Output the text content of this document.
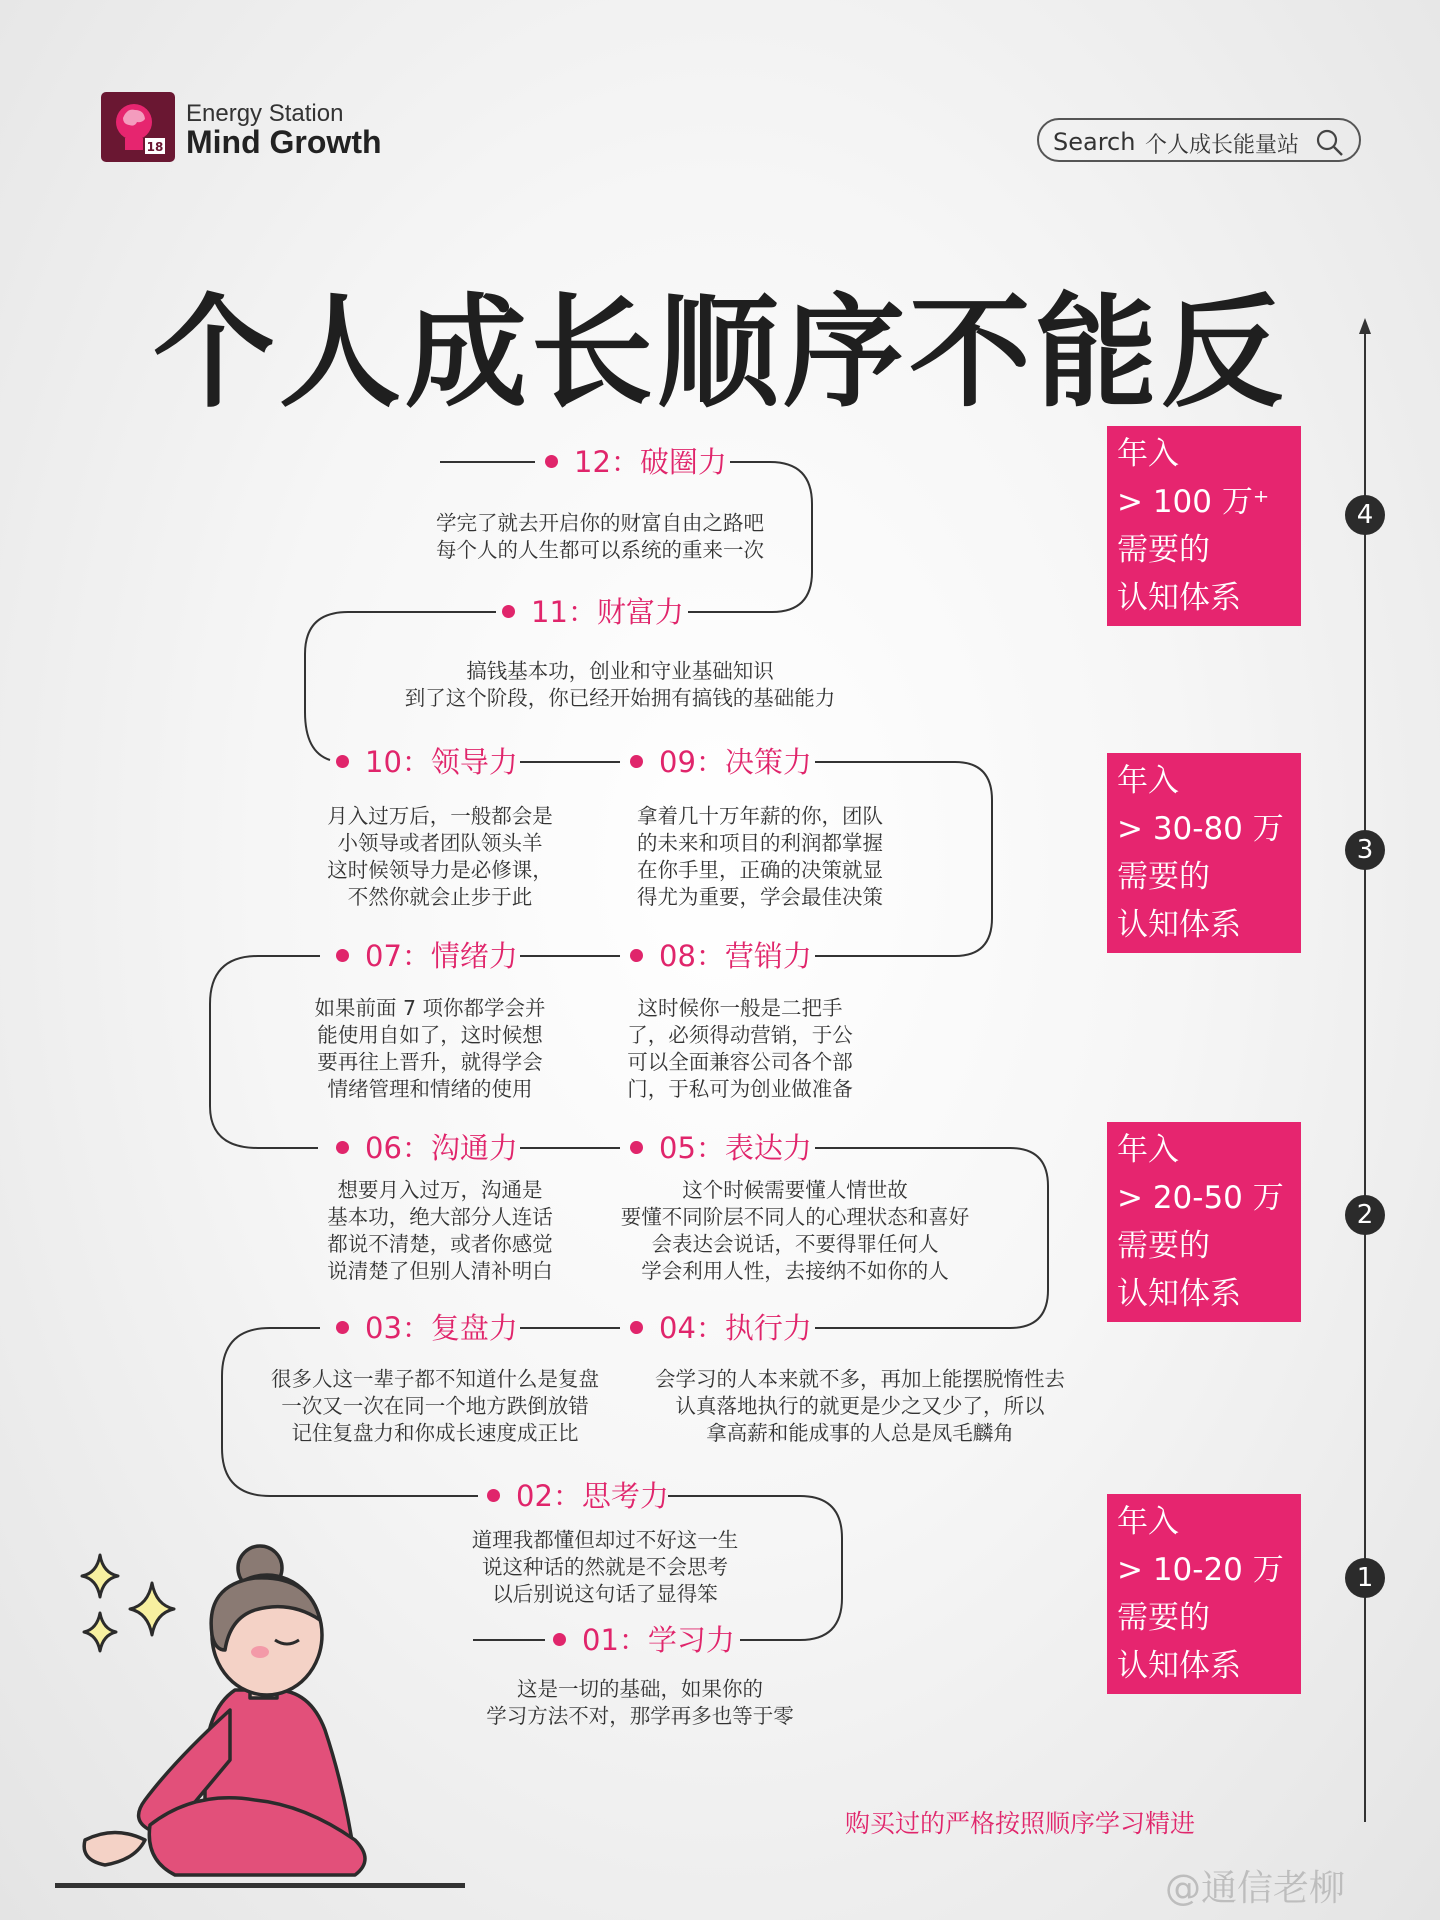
18
Energy Station
Mind Growth	Search 个人成长能量站
个人成长顺序不能反
12：破圈力
学完了就去开启你的财富自由之路吧
每个人的人生都可以系统的重来一次
11：财富力
搞钱基本功，创业和守业基础知识
到了这个阶段，你已经开始拥有搞钱的基础能力
10：领导力
月入过万后，一般都会是
小领导或者团队领头羊
这时候领导力是必修课，
不然你就会止步于此
09：决策力
拿着几十万年薪的你，团队
的未来和项目的利润都掌握
在你手里，正确的决策就显
得尤为重要，学会最佳决策
07：情绪力
如果前面 7 项你都学会并
能使用自如了，这时候想
要再往上晋升，就得学会
情绪管理和情绪的使用
08：营销力
这时候你一般是二把手
了，必须得动营销，于公
可以全面兼容公司各个部
门，于私可为创业做准备
06：沟通力
想要月入过万，沟通是
基本功，绝大部分人连话
都说不清楚，或者你感觉
说清楚了但别人清补明白
05：表达力
这个时候需要懂人情世故
要懂不同阶层不同人的心理状态和喜好
会表达会说话，不要得罪任何人
学会利用人性，去接纳不如你的人
03：复盘力
很多人这一辈子都不知道什么是复盘
一次又一次在同一个地方跌倒放错
记住复盘力和你成长速度成正比
04：执行力
会学习的人本来就不多，再加上能摆脱惰性去
认真落地执行的就更是少之又少了，所以
拿高薪和能成事的人总是凤毛麟角
02：思考力
道理我都懂但却过不好这一生
说这种话的然就是不会思考
以后别说这句话了显得笨
01：学习力
这是一切的基础，如果你的
学习方法不对，那学再多也等于零
年入
> 100 万⁺
需要的
认知体系
年入
> 30-80 万
需要的
认知体系
年入
> 20-50 万
需要的
认知体系
年入
> 10-20 万
需要的
认知体系
4
3
2
1
购买过的严格按照顺序学习精进
@通信老柳
